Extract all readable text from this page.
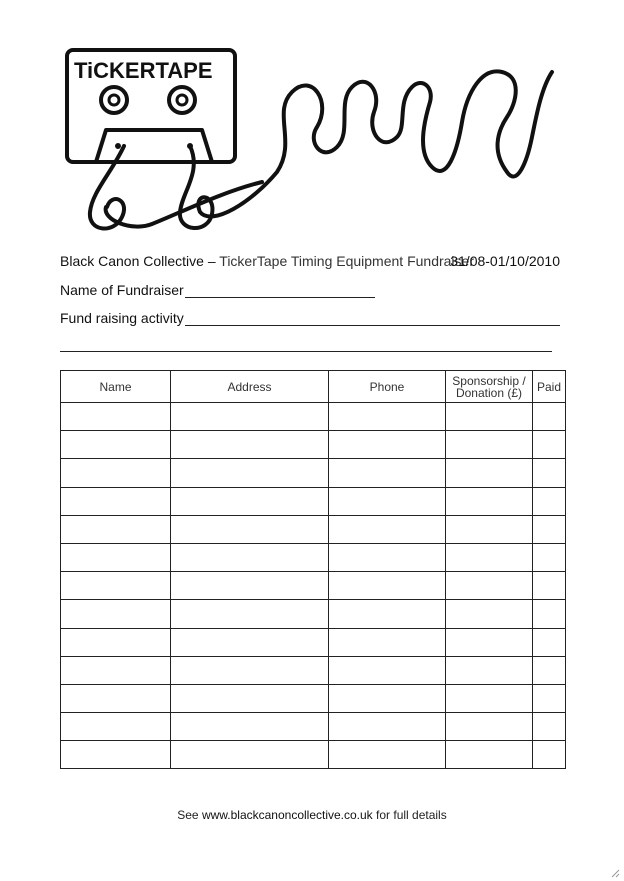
TiCKERTAPE
Black Canon Collective – TickerTape Timing Equipment Fundraiser
31/08-01/10/2010
Name of Fundraiser
Fund raising activity
Name	Address	Phone	Sponsorship / Donation (£)	Paid

See www.blackcanoncollective.co.uk for full details
